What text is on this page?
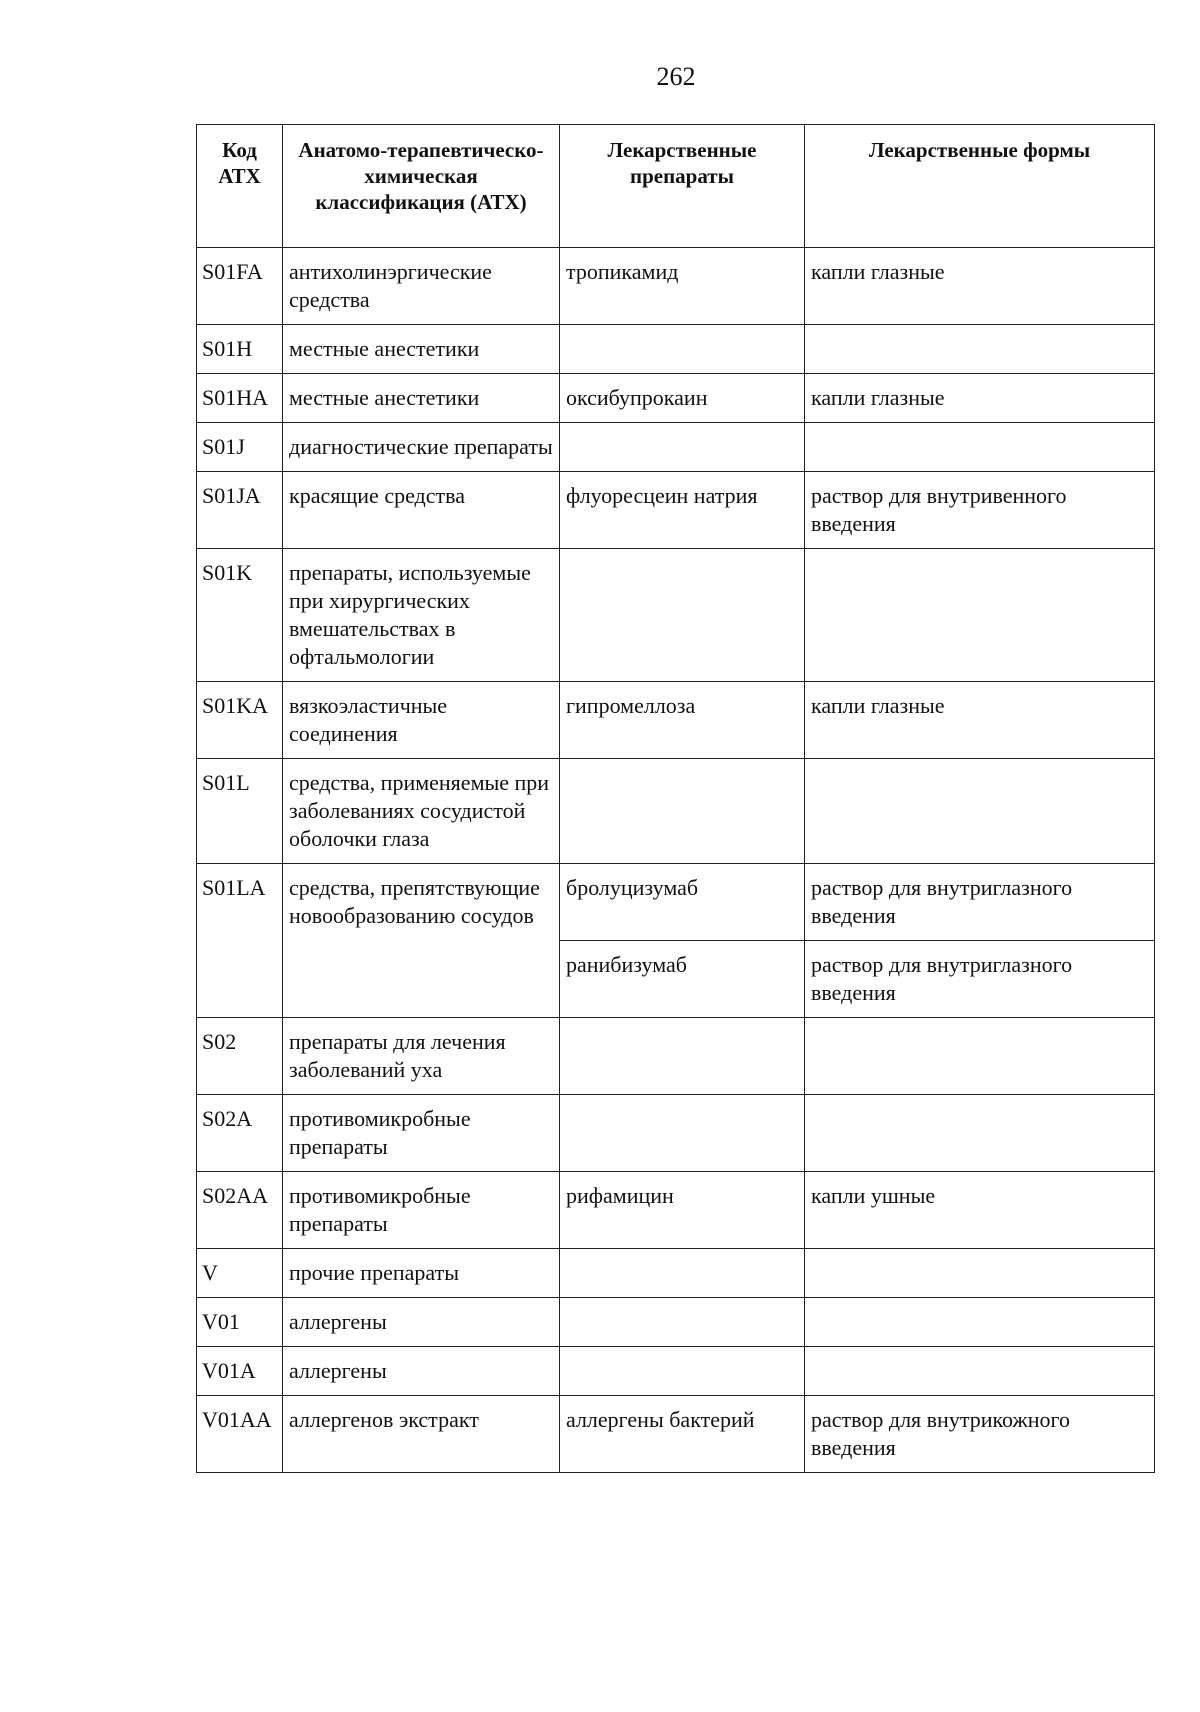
262
Код АТХ	Анатомо-терапевтическо-химическая классификация (АТХ)	Лекарственные препараты	Лекарственные формы
S01FA	антихолинэргические средства	тропикамид	капли глазные
S01H	местные анестетики		
S01HA	местные анестетики	оксибупрокаин	капли глазные
S01J	диагностические препараты		
S01JA	красящие средства	флуоресцеин натрия	раствор для внутривенного введения
S01K	препараты, используемые при хирургических вмешательствах в офтальмологии		
S01KA	вязкоэластичные соединения	гипромеллоза	капли глазные
S01L	средства, применяемые при заболеваниях сосудистой оболочки глаза		
S01LA	средства, препятствующие новообразованию сосудов	бролуцизумаб	раствор для внутриглазного введения
		ранибизумаб	раствор для внутриглазного введения
S02	препараты для лечения заболеваний уха		
S02A	противомикробные препараты		
S02AA	противомикробные препараты	рифамицин	капли ушные
V	прочие препараты		
V01	аллергены		
V01A	аллергены		
V01AA	аллергенов экстракт	аллергены бактерий	раствор для внутрикожного введения
